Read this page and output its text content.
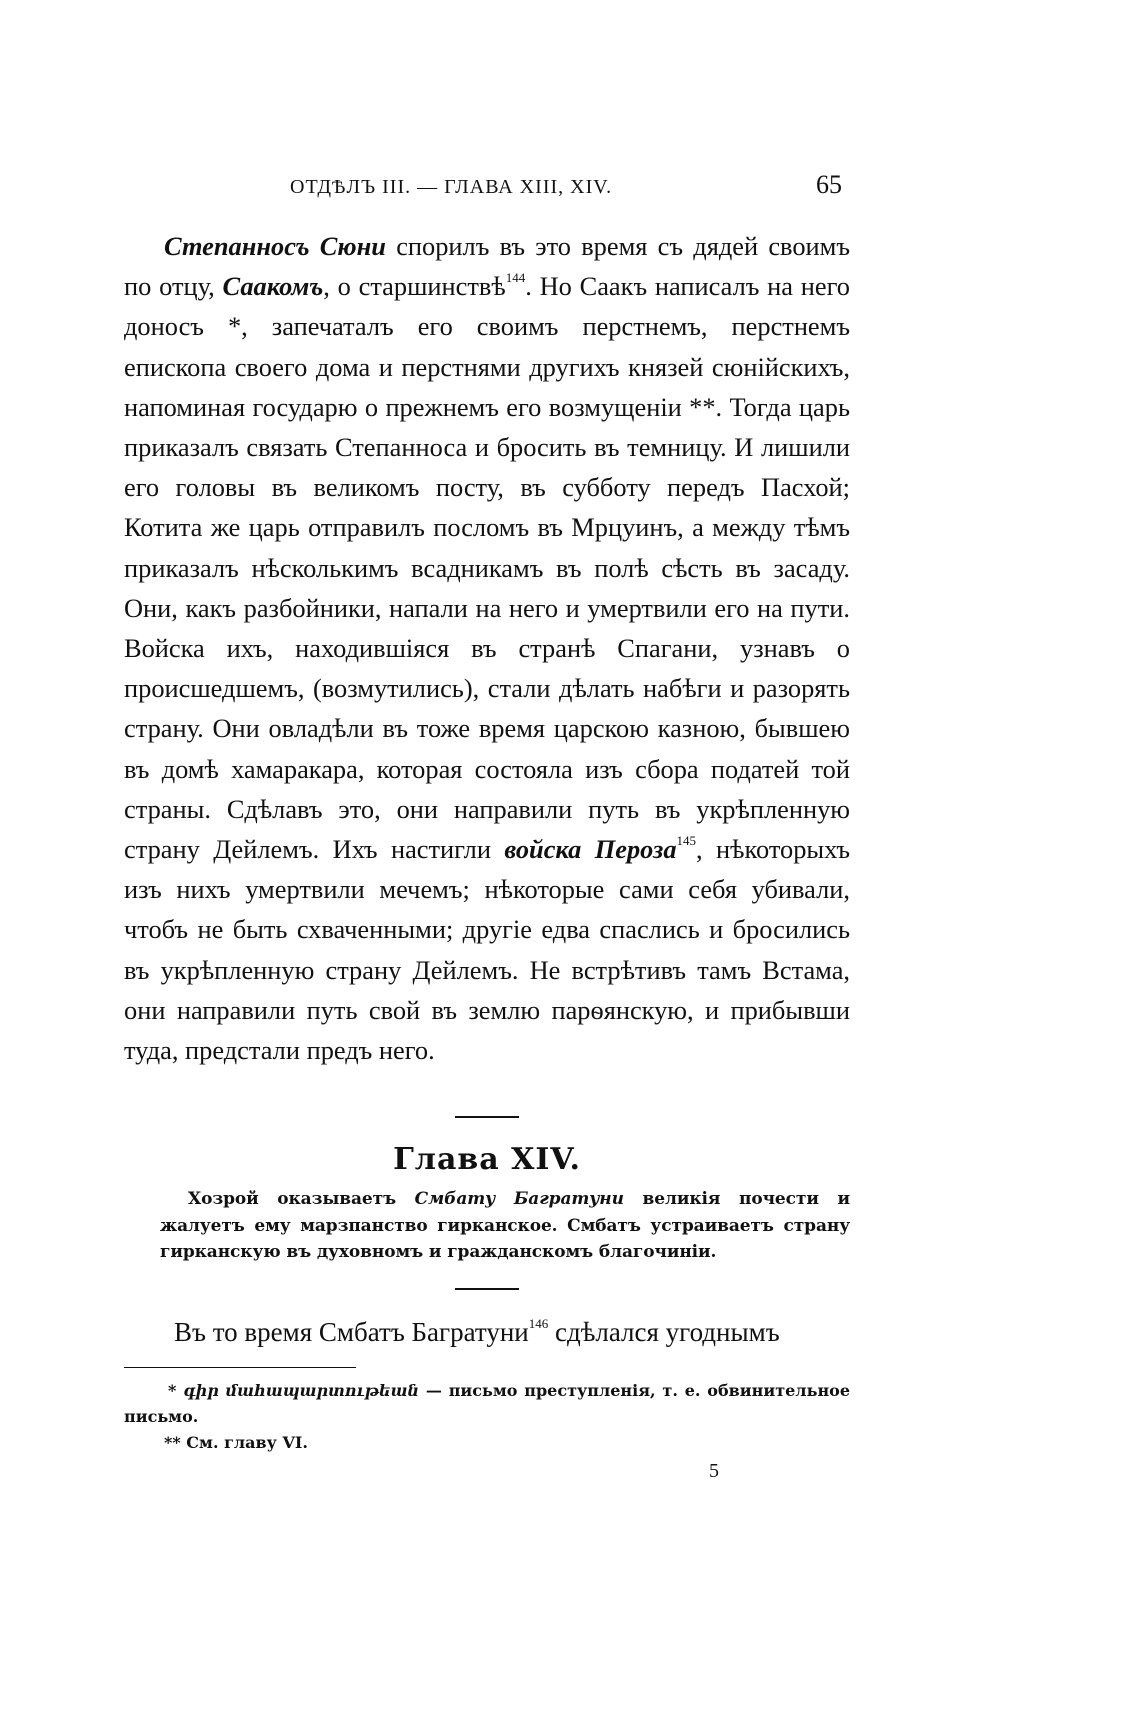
ОТДѢЛЪ III. — ГЛАВА XIII, XIV.	65

Степанносъ Сюни спорилъ въ это время съ дядей своимъ по отцу, Саакомъ, о старшинствѣ$^{144}$. Но Саакъ написалъ на него доносъ *, запечаталъ его своимъ перстнемъ, перстнемъ епископа своего дома и перстнями другихъ князей сюнійскихъ, напоминая государю о прежнемъ его возмущеніи **. Тогда царь приказалъ связать Степанноса и бросить въ темницу. И лишили его головы въ великомъ посту, въ субботу передъ Пасхой; Котита же царь отправилъ посломъ въ Мрцуинъ, а между тѣмъ приказалъ нѣсколькимъ всадникамъ въ полѣ сѣсть въ засаду. Они, какъ разбойники, напали на него и умертвили его на пути. Войска ихъ, находившіяся въ странѣ Спагани, узнавъ о происшедшемъ, (возмутились), стали дѣлать набѣги и разорять страну. Они овладѣли въ тоже время царскою казною, бывшею въ домѣ хамаракара, которая состояла изъ сбора податей той страны. Сдѣлавъ это, они направили путь въ укрѣпленную страну Дейлемъ. Ихъ настигли войска Пероза$^{145}$, нѣкоторыхъ изъ нихъ умертвили мечемъ; нѣкоторые сами себя убивали, чтобъ не быть схваченными; другіе едва спаслись и бросились въ укрѣпленную страну Дейлемъ. Не встрѣтивъ тамъ Встама, они направили путь свой въ землю парѳянскую, и прибывши туда, предстали предъ него.

Глава XIV.

Хозрой оказываетъ Смбату Багратуни великія почести и жалуетъ ему марзпанство гирканское. Смбатъ устраиваетъ страну гирканскую въ духовномъ и гражданскомъ благочиніи.

Въ то время Смбатъ Багратуни$^{146}$ сдѣлался угоднымъ

* գիր մահապարտութեան — письмо преступленія, т. е. обвинительное письмо.

** См. главу VI.

5
